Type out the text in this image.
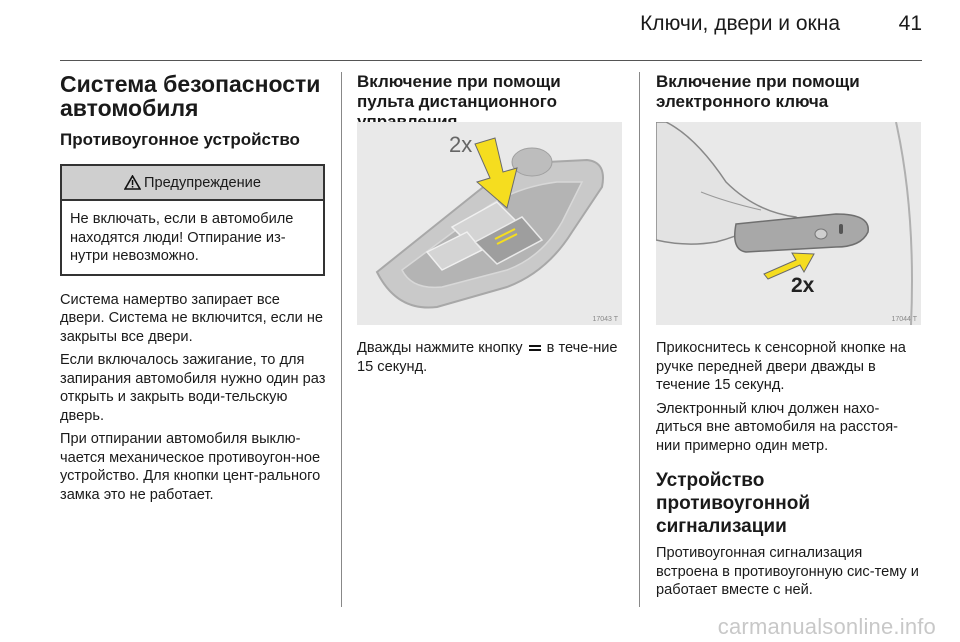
Ключи, двери и окна	41
Система безопасности автомобиля
Противоугонное устройство
Предупреждение

Не включать, если в автомобиле находятся люди! Отпирание из-нутри невозможно.

Система намертво запирает все двери. Система не включится, если не закрыты все двери.

Если включалось зажигание, то для запирания автомобиля нужно один раз открыть и закрыть води-тельскую дверь.

При отпирании автомобиля выклю-чается механическое противоугон-ное устройство. Для кнопки цент-рального замка это не работает.

Включение при помощи пульта дистанционного
2x
17043 T

Дважды нажмите кнопку в тече-ние 15 секунд.

Включение при помощи электронного ключа
2x
17044 T

Прикоснитесь к сенсорной кнопке на ручке передней двери дважды в течение 15 секунд.

Электронный ключ должен нахо-диться вне автомобиля на расстоя-нии примерно один метр.

Устройство противоугонной сигнализации

Противоугонная сигнализация встроена в противоугонную сис-тему и работает вместе с ней.

carmanualsonline.info
